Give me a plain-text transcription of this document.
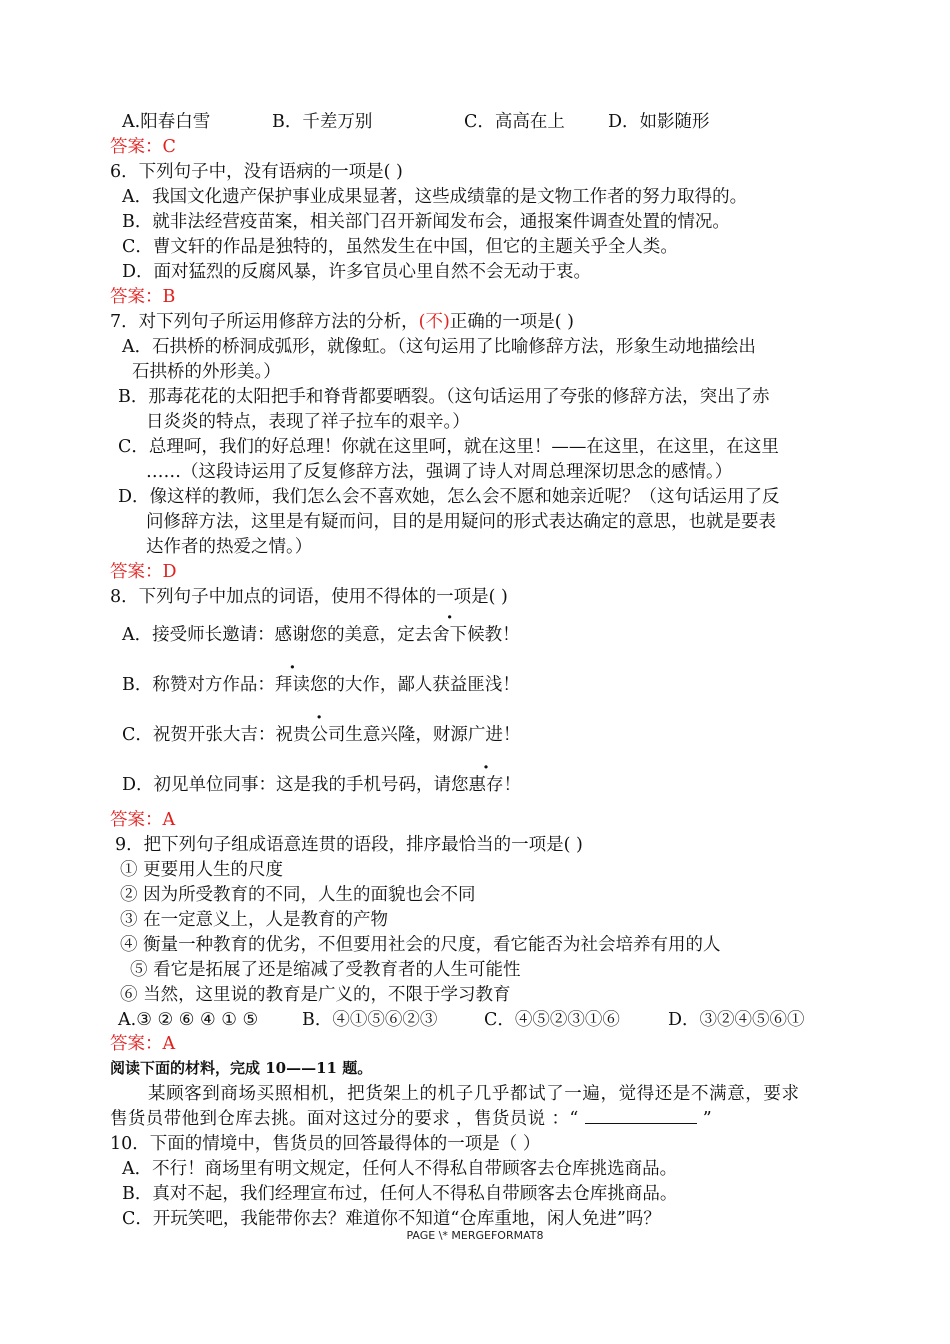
A.阳春白雪	B．千差万别	C．高高在上 D．如影随形
答案：C
6．下列句子中，没有语病的一项是( )
A．我国文化遗产保护事业成果显著，这些成绩靠的是文物工作者的努力取得的。
B．就非法经营疫苗案，相关部门召开新闻发布会，通报案件调查处置的情况。
C．曹文轩的作品是独特的，虽然发生在中国，但它的主题关乎全人类。
D．面对猛烈的反腐风暴，许多官员心里自然不会无动于衷。
答案：B
7．对下列句子所运用修辞方法的分析，(不)正确的一项是( )
A．石拱桥的桥洞成弧形，就像虹。（这句运用了比喻修辞方法，形象生动地描绘出
石拱桥的外形美。）
B．那毒花花的太阳把手和脊背都要晒裂。（这句话运用了夸张的修辞方法，突出了赤
日炎炎的特点，表现了祥子拉车的艰辛。）
C．总理呵，我们的好总理！你就在这里呵，就在这里！——在这里，在这里，在这里
……（这段诗运用了反复修辞方法，强调了诗人对周总理深切思念的感情。）
D．像这样的教师，我们怎么会不喜欢她，怎么会不愿和她亲近呢？（这句话运用了反
问修辞方法，这里是有疑而问，目的是用疑问的形式表达确定的意思，也就是要表
达作者的热爱之情。）
答案：D
8．下列句子中加点的词语，使用不得体的一项是( )
A．接受师长邀请：感谢您的美意，定去舍下候教！
B．称赞对方作品：拜读您的大作，鄙人获益匪浅！
C．祝贺开张大吉：祝贵公司生意兴隆，财源广进！
D．初见单位同事：这是我的手机号码，请您惠存！
答案：A
9．把下列句子组成语意连贯的语段，排序最恰当的一项是( )
① 更要用人生的尺度
② 因为所受教育的不同，人生的面貌也会不同
③ 在一定意义上，人是教育的产物
④ 衡量一种教育的优劣，不但要用社会的尺度，看它能否为社会培养有用的人
⑤ 看它是拓展了还是缩减了受教育者的人生可能性
⑥ 当然，这里说的教育是广义的，不限于学习教育
A.③ ② ⑥ ④ ① ⑤	B．④①⑤⑥②③	C．④⑤②③①⑥	D．③②④⑤⑥①
答案：A
阅读下面的材料，完成 10——11 题。
某顾客到商场买照相机，把货架上的机子几乎都试了一遍，觉得还是不满意，要求
售货员带他到仓库去挑。面对这过分的要求 ，售货员说 ：“	”
10．下面的情境中，售货员的回答最得体的一项是（ ）
A．不行！商场里有明文规定，任何人不得私自带顾客去仓库挑选商品。
B．真对不起，我们经理宣布过，任何人不得私自带顾客去仓库挑商品。
C．开玩笑吧，我能带你去？难道你不知道“仓库重地，闲人免进”吗？
PAGE \* MERGEFORMAT8
